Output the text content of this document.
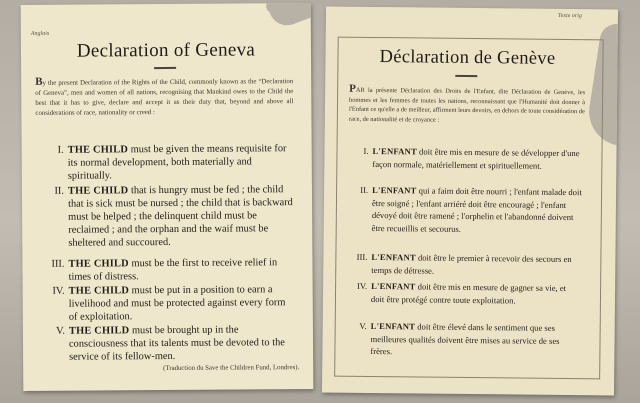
Anglais
Declaration of Geneva
By the present Declaration of the Rights of the Child, commonly known as the “Declaration of Geneva”, men and women of all nations, recognising that Mankind owes to the Child the best that it has to give, declare and accept it as their duty that, beyond and above all considerations of race, nationality or creed :
I. THE CHILD must be given the means requisite for its normal development, both materially and spiritually.
II. THE CHILD that is hungry must be fed ; the child that is sick must be nursed ; the child that is backward must be helped ; the delinquent child must be reclaimed ; and the orphan and the waif must be sheltered and succoured.
III. THE CHILD must be the first to receive relief in times of distress.
IV. THE CHILD must be put in a position to earn a livelihood and must be protected against every form of exploitation.
V. THE CHILD must be brought up in the consciousness that its talents must be devoted to the service of its fellow-men.
(Traduction du Save the Children Fund, Londres).
Texte orig
Déclaration de Genève
PAR la présente Déclaration des Droits de l'Enfant, dite Déclaration de Genève, les hommes et les femmes de toutes les nations, reconnaissant que l'Humanité doit donner à l'Enfant ce qu'elle a de meilleur, affirment leurs devoirs, en dehors de toute considération de race, de nationalité et de croyance :
I. L'ENFANT doit être mis en mesure de se développer d'une façon normale, matériellement et spirituellement.
II. L'ENFANT qui a faim doit être nourri ; l'enfant malade doit être soigné ; l'enfant arriéré doit être encouragé ; l'enfant dévoyé doit être ramené ; l'orphelin et l'abandonné doivent être recueillis et secourus.
III. L'ENFANT doit être le premier à recevoir des secours en temps de détresse.
IV. L'ENFANT doit être mis en mesure de gagner sa vie, et doit être protégé contre toute exploitation.
V. L'ENFANT doit être élevé dans le sentiment que ses meilleures qualités doivent être mises au service de ses frères.
